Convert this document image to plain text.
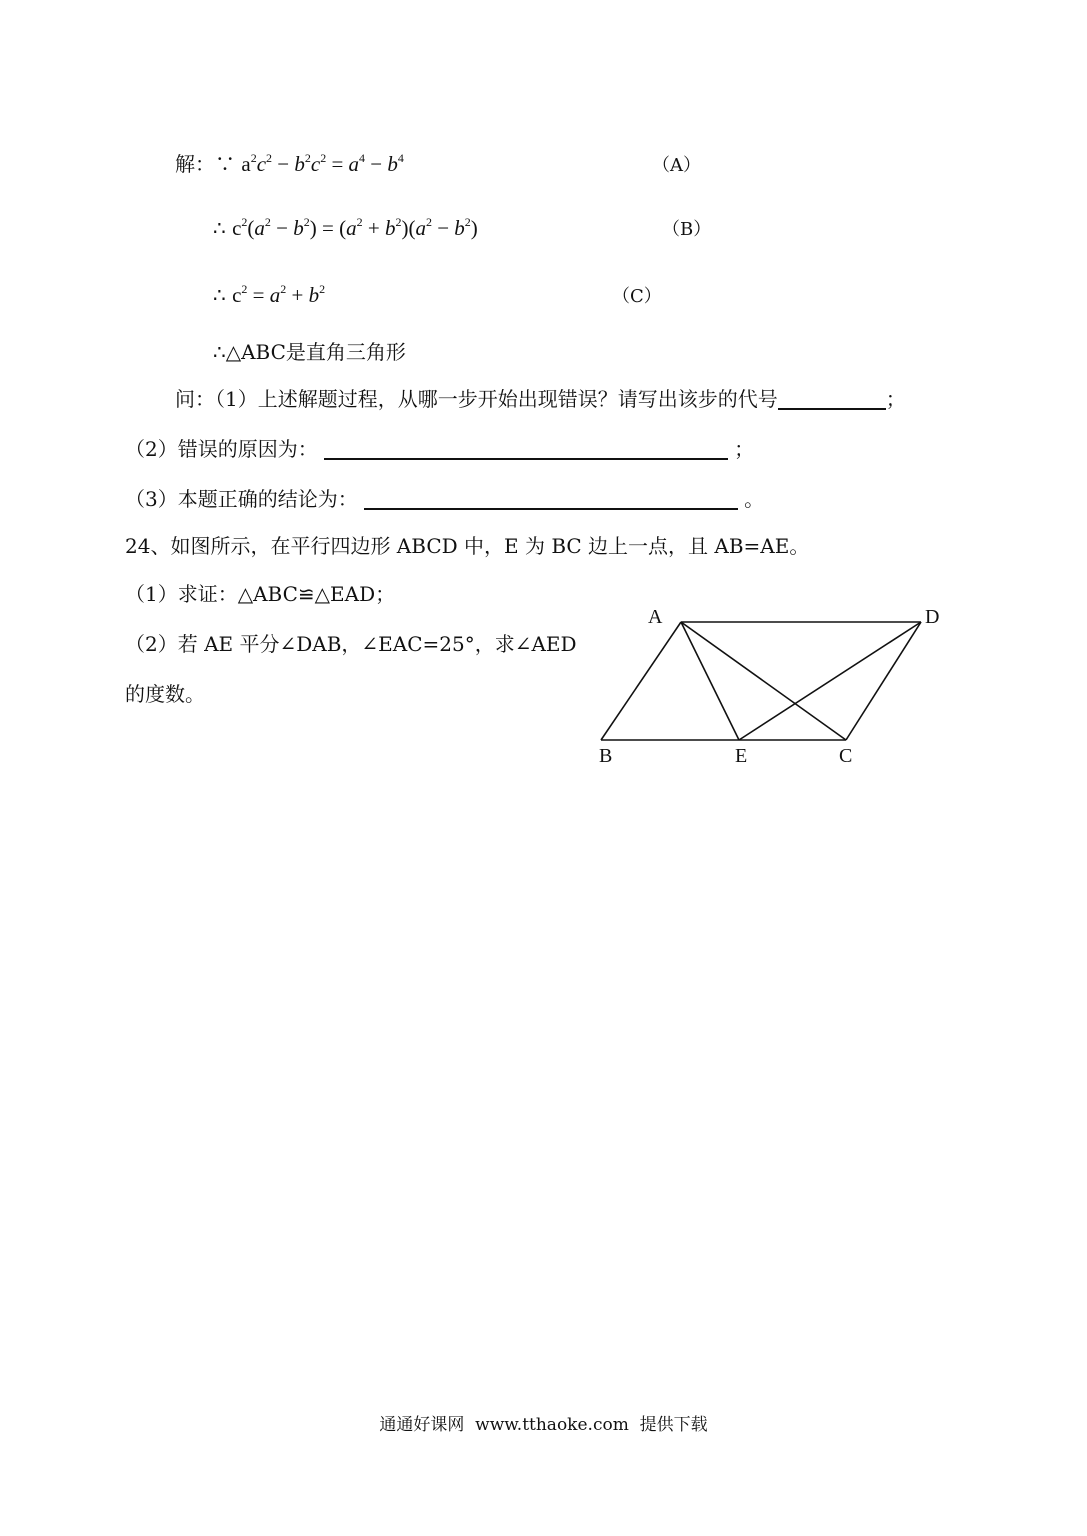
解：∵ $a^2c^2 - b^2c^2 = a^4 - b^4$	（A）
∴ $c^2(a^2 - b^2) = (a^2 + b^2)(a^2 - b^2)$	（B）
∴ $c^2 = a^2 + b^2$	（C）
∴△ABC是直角三角形
问：（1）上述解题过程，从哪一步开始出现错误？请写出该步的代号	；
（2）错误的原因为：	；
（3）本题正确的结论为：	。
24、如图所示，在平行四边形 ABCD 中，E 为 BC 边上一点，且 AB=AE。
（1）求证：△ABC≌△EAD；
（2）若 AE 平分∠DAB，∠EAC=25°，求∠AED
的度数。
A	D
B	E	C
通通好课网 www.tthaoke.com 提供下载
